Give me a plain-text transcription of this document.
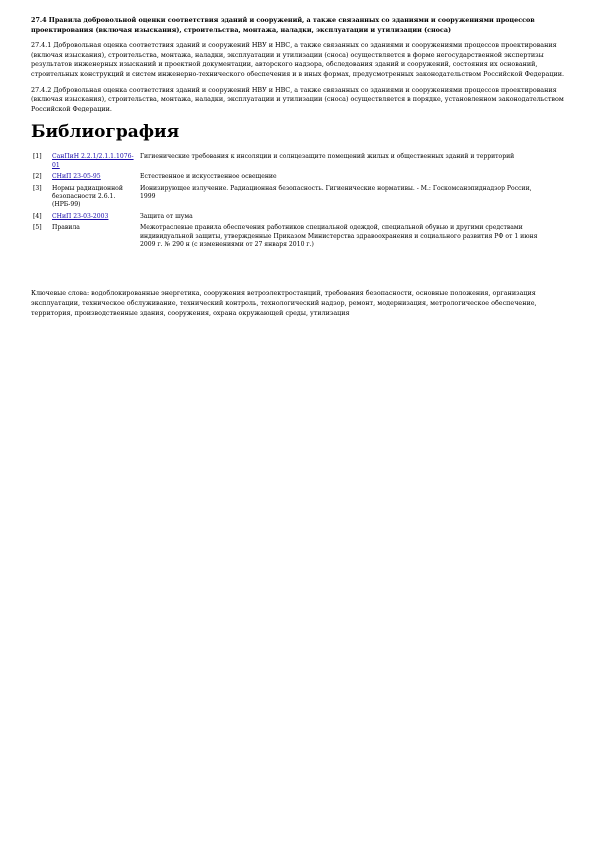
27.4 Правила добровольной оценки соответствия зданий и сооружений, а также связанных со зданиями и сооружениями процессов проектирования (включая изыскания), строительства, монтажа, наладки, эксплуатации и утилизации (сноса)

27.4.1 Добровольная оценка соответствия зданий и сооружений НВУ и НВС, а также связанных со зданиями и сооружениями процессов проектирования (включая изыскания), строительства, монтажа, наладки, эксплуатации и утилизации (сноса) осуществляется в форме негосударственной экспертизы результатов инженерных изысканий и проектной документации, авторского надзора, обследования зданий и сооружений, состояния их оснований, строительных конструкций и систем инженерно-технического обеспечения и в иных формах, предусмотренных законодательством Российской Федерации.

27.4.2 Добровольная оценка соответствия зданий и сооружений НВУ и НВС, а также связанных со зданиями и сооружениями процессов проектирования (включая изыскания), строительства, монтажа, наладки, эксплуатации и утилизации (сноса) осуществляется в порядке, установленном законодательством Российской Федерации.

Библиография
[1]	СанПиН 2.2.1/2.1.1.1076-01	Гигиенические требования к инсоляции и солнцезащите помещений жилых и общественных зданий и территорий
[2]	СНиП 23-05-95	Естественное и искусственное освещение
[3]	Нормы радиационной безопасности 2.6.1. (НРБ-99)	Ионизирующее излучение. Радиационная безопасность. Гигиенические нормативы. - М.: Госкомсанэпиднадзор России, 1999
[4]	СНиП 23-03-2003	Защита от шума
[5]	Правила	Межотраслевые правила обеспечения работников специальной одеждой, специальной обувью и другими средствами индивидуальной защиты, утвержденные Приказом Министерства здравоохранения и социального развития РФ от 1 июня 2009 г. № 290 н (с изменениями от 27 января 2010 г.)

Ключевые слова: водоблокированные энергетика, сооружения ветроэлектростанций, требования безопасности, основные положения, организация эксплуатации, техническое обслуживание, технический контроль, технологический надзор, ремонт, модернизация, метрологическое обеспечение, территория, производственные здания, сооружения, охрана окружающей среды, утилизация
